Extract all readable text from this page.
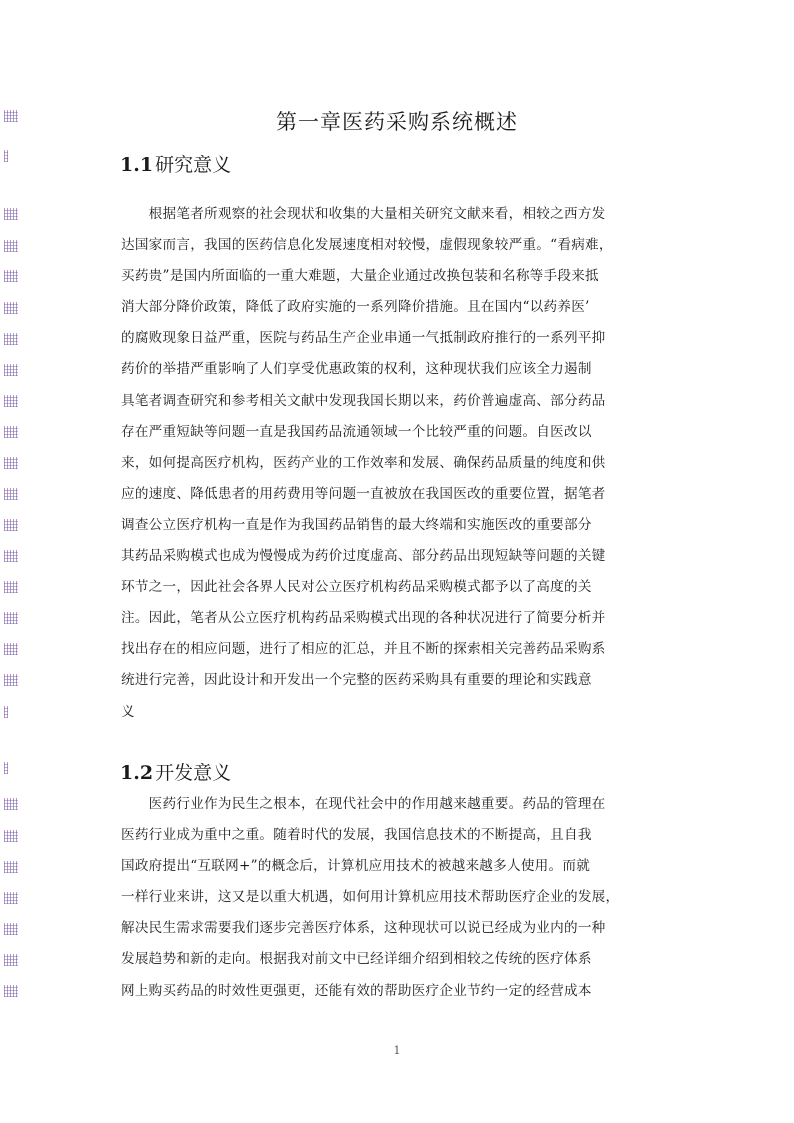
第一章医药采购系统概述
1.1 研究意义
　　根据笔者所观察的社会现状和收集的大量相关研究文献来看，相较之西方发
达国家而言，我国的医药信息化发展速度相对较慢，虚假现象较严重。“看病难，
买药贵”是国内所面临的一重大难题，大量企业通过改换包装和名称等手段来抵
消大部分降价政策，降低了政府实施的一系列降价措施。且在国内“以药养医’
的腐败现象日益严重，医院与药品生产企业串通一气抵制政府推行的一系列平抑
药价的举措严重影响了人们享受优惠政策的权利，这种现状我们应该全力遏制
具笔者调查研究和参考相关文献中发现我国长期以来，药价普遍虚高、部分药品
存在严重短缺等问题一直是我国药品流通领域一个比较严重的问题。自医改以
来，如何提高医疗机构，医药产业的工作效率和发展、确保药品质量的纯度和供
应的速度、降低患者的用药费用等问题一直被放在我国医改的重要位置，据笔者
调查公立医疗机构一直是作为我国药品销售的最大终端和实施医改的重要部分
其药品采购模式也成为慢慢成为药价过度虚高、部分药品出现短缺等问题的关键
环节之一，因此社会各界人民对公立医疗机构药品采购模式都予以了高度的关
注。因此，笔者从公立医疗机构药品采购模式出现的各种状况进行了简要分析并
找出存在的相应问题，进行了相应的汇总，并且不断的探索相关完善药品采购系
统进行完善，因此设计和开发出一个完整的医药采购具有重要的理论和实践意
义
1.2 开发意义
　　医药行业作为民生之根本，在现代社会中的作用越来越重要。药品的管理在
医药行业成为重中之重。随着时代的发展，我国信息技术的不断提高，且自我
国政府提出“互联网+”的概念后，计算机应用技术的被越来越多人使用。而就
一样行业来讲，这又是以重大机遇，如何用计算机应用技术帮助医疗企业的发展，
解决民生需求需要我们逐步完善医疗体系，这种现状可以说已经成为业内的一种
发展趋势和新的走向。根据我对前文中已经详细介绍到相较之传统的医疗体系
网上购买药品的时效性更强更，还能有效的帮助医疗企业节约一定的经营成本
1
